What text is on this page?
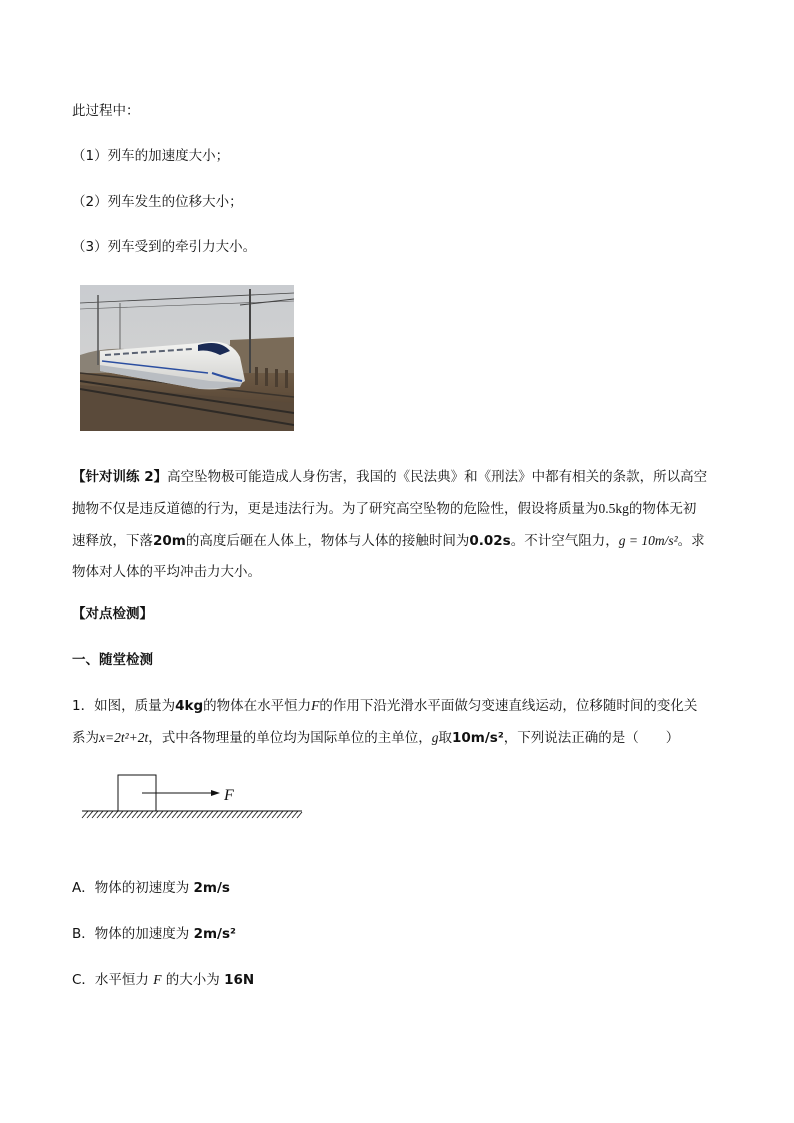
此过程中：

（1）列车的加速度大小；

（2）列车发生的位移大小；

（3）列车受到的牵引力大小。

【针对训练 2】高空坠物极可能造成人身伤害，我国的《民法典》和《刑法》中都有相关的条款，所以高空
抛物不仅是违反道德的行为，更是违法行为。为了研究高空坠物的危险性，假设将质量为0.5kg的物体无初
速释放，下落20m的高度后砸在人体上，物体与人体的接触时间为0.02s。不计空气阻力，g = 10m/s²。求
物体对人体的平均冲击力大小。

【对点检测】

一、随堂检测

1．如图，质量为4kg的物体在水平恒力F的作用下沿光滑水平面做匀变速直线运动，位移随时间的变化关
系为x=2t²+2t，式中各物理量的单位均为国际单位的主单位，g取10m/s²，下列说法正确的是（　　）
F

A．物体的初速度为 2m/s

B．物体的加速度为 2m/s²

C．水平恒力 F 的大小为 16N
